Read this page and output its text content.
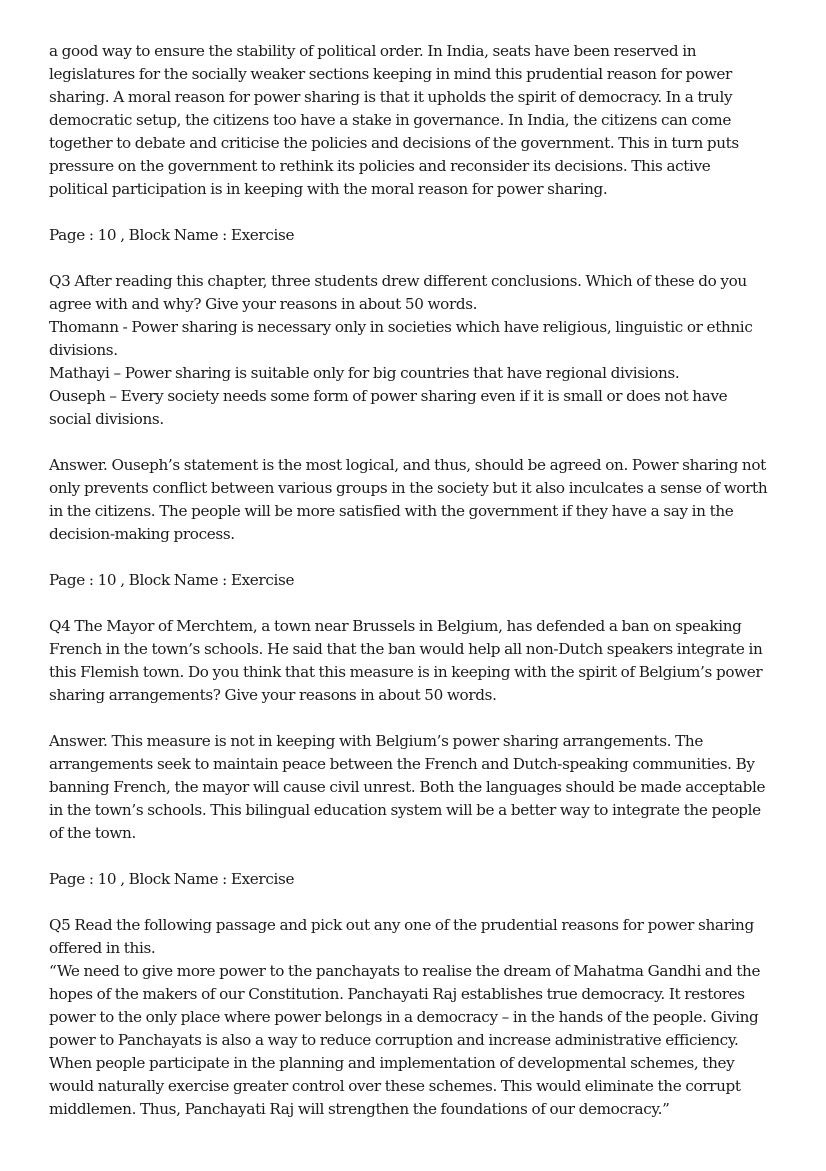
a good way to ensure the stability of political order. In India, seats have been reserved in
legislatures for the socially weaker sections keeping in mind this prudential reason for power
sharing. A moral reason for power sharing is that it upholds the spirit of democracy. In a truly
democratic setup, the citizens too have a stake in governance. In India, the citizens can come
together to debate and criticise the policies and decisions of the government. This in turn puts
pressure on the government to rethink its policies and reconsider its decisions. This active
political participation is in keeping with the moral reason for power sharing.
Page : 10 , Block Name : Exercise
Q3 After reading this chapter, three students drew different conclusions. Which of these do you
agree with and why? Give your reasons in about 50 words.
Thomann - Power sharing is necessary only in societies which have religious, linguistic or ethnic
divisions.
Mathayi – Power sharing is suitable only for big countries that have regional divisions.
Ouseph – Every society needs some form of power sharing even if it is small or does not have
social divisions.
Answer. Ouseph’s statement is the most logical, and thus, should be agreed on. Power sharing not
only prevents conflict between various groups in the society but it also inculcates a sense of worth
in the citizens. The people will be more satisfied with the government if they have a say in the
decision-making process.
Page : 10 , Block Name : Exercise
Q4 The Mayor of Merchtem, a town near Brussels in Belgium, has defended a ban on speaking
French in the town’s schools. He said that the ban would help all non-Dutch speakers integrate in
this Flemish town. Do you think that this measure is in keeping with the spirit of Belgium’s power
sharing arrangements? Give your reasons in about 50 words.
Answer. This measure is not in keeping with Belgium’s power sharing arrangements. The
arrangements seek to maintain peace between the French and Dutch-speaking communities. By
banning French, the mayor will cause civil unrest. Both the languages should be made acceptable
in the town’s schools. This bilingual education system will be a better way to integrate the people
of the town.
Page : 10 , Block Name : Exercise
Q5 Read the following passage and pick out any one of the prudential reasons for power sharing
offered in this.
“We need to give more power to the panchayats to realise the dream of Mahatma Gandhi and the
hopes of the makers of our Constitution. Panchayati Raj establishes true democracy. It restores
power to the only place where power belongs in a democracy – in the hands of the people. Giving
power to Panchayats is also a way to reduce corruption and increase administrative efficiency.
When people participate in the planning and implementation of developmental schemes, they
would naturally exercise greater control over these schemes. This would eliminate the corrupt
middlemen. Thus, Panchayati Raj will strengthen the foundations of our democracy.”
